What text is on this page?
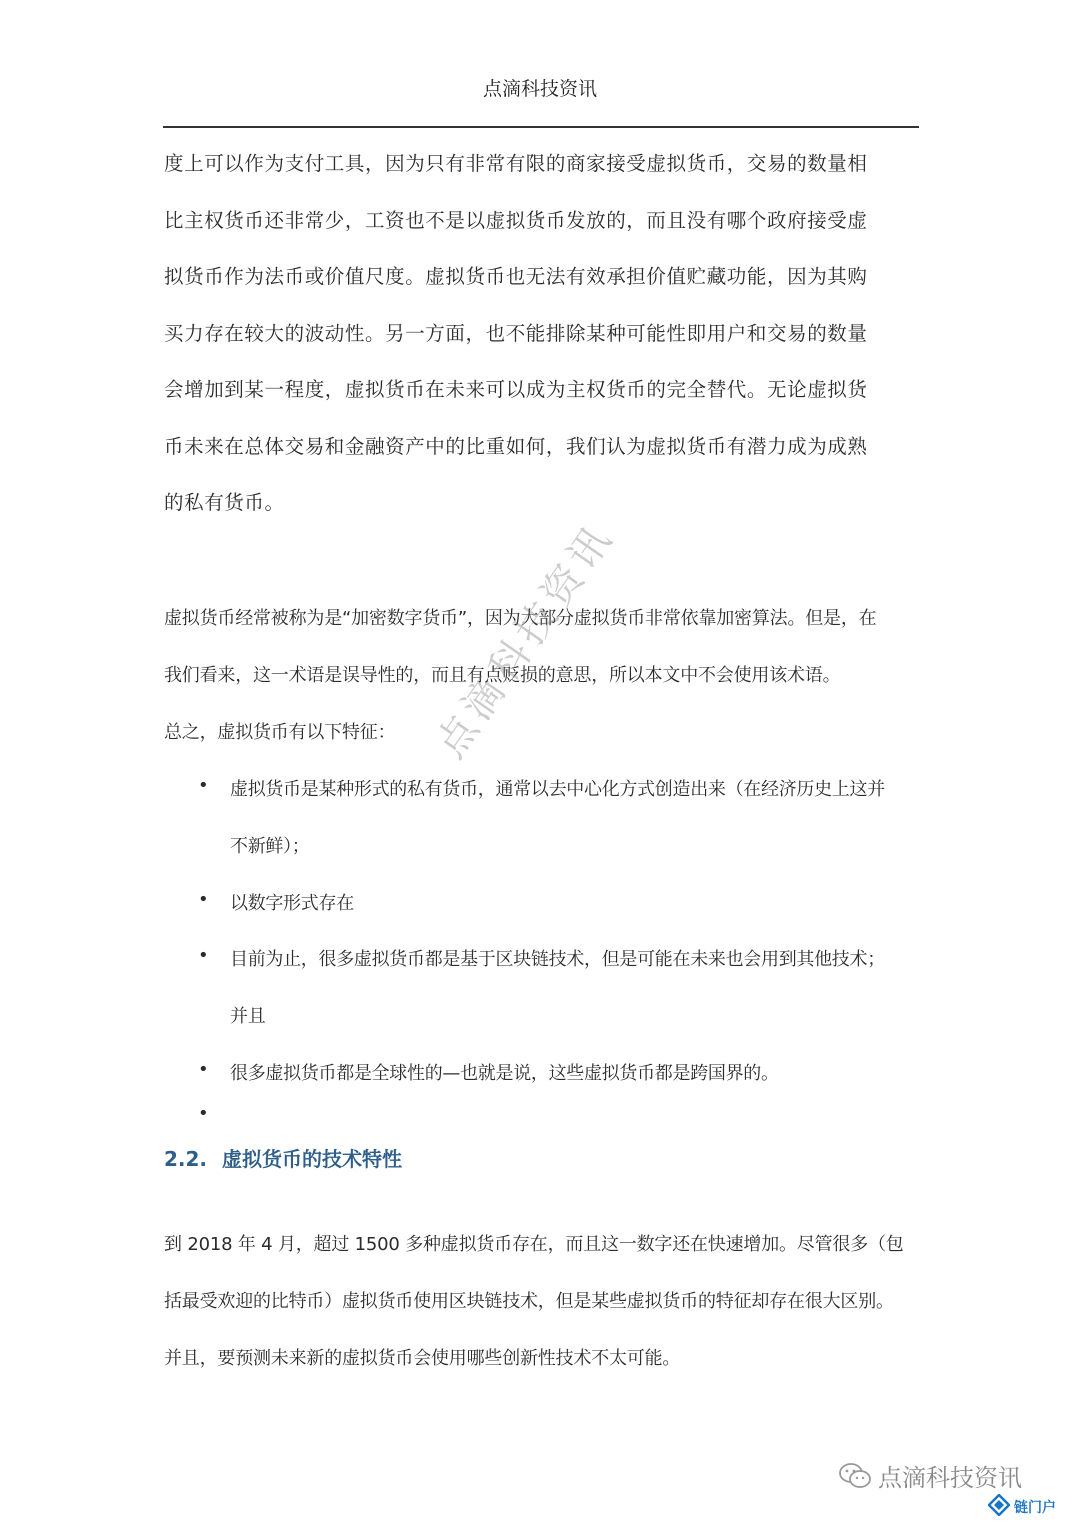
点滴科技资讯
度上可以作为支付工具，因为只有非常有限的商家接受虚拟货币，交易的数量相
比主权货币还非常少，工资也不是以虚拟货币发放的，而且没有哪个政府接受虚
拟货币作为法币或价值尺度。虚拟货币也无法有效承担价值贮藏功能，因为其购
买力存在较大的波动性。另一方面，也不能排除某种可能性即用户和交易的数量
会增加到某一程度，虚拟货币在未来可以成为主权货币的完全替代。无论虚拟货
币未来在总体交易和金融资产中的比重如何，我们认为虚拟货币有潜力成为成熟
的私有货币。
虚拟货币经常被称为是“加密数字货币”，因为大部分虚拟货币非常依靠加密算法。但是，在
我们看来，这一术语是误导性的，而且有点贬损的意思，所以本文中不会使用该术语。
总之，虚拟货币有以下特征：
• 虚拟货币是某种形式的私有货币，通常以去中心化方式创造出来（在经济历史上这并
不新鲜）；
• 以数字形式存在
• 目前为止，很多虚拟货币都是基于区块链技术，但是可能在未来也会用到其他技术；
并且
• 很多虚拟货币都是全球性的—也就是说，这些虚拟货币都是跨国界的。
•
2.2. 虚拟货币的技术特性
到 2018 年 4 月，超过 1500 多种虚拟货币存在，而且这一数字还在快速增加。尽管很多（包
括最受欢迎的比特币）虚拟货币使用区块链技术，但是某些虚拟货币的特征却存在很大区别。
并且，要预测未来新的虚拟货币会使用哪些创新性技术不太可能。
点滴科技资讯
点滴科技资讯
链门户
